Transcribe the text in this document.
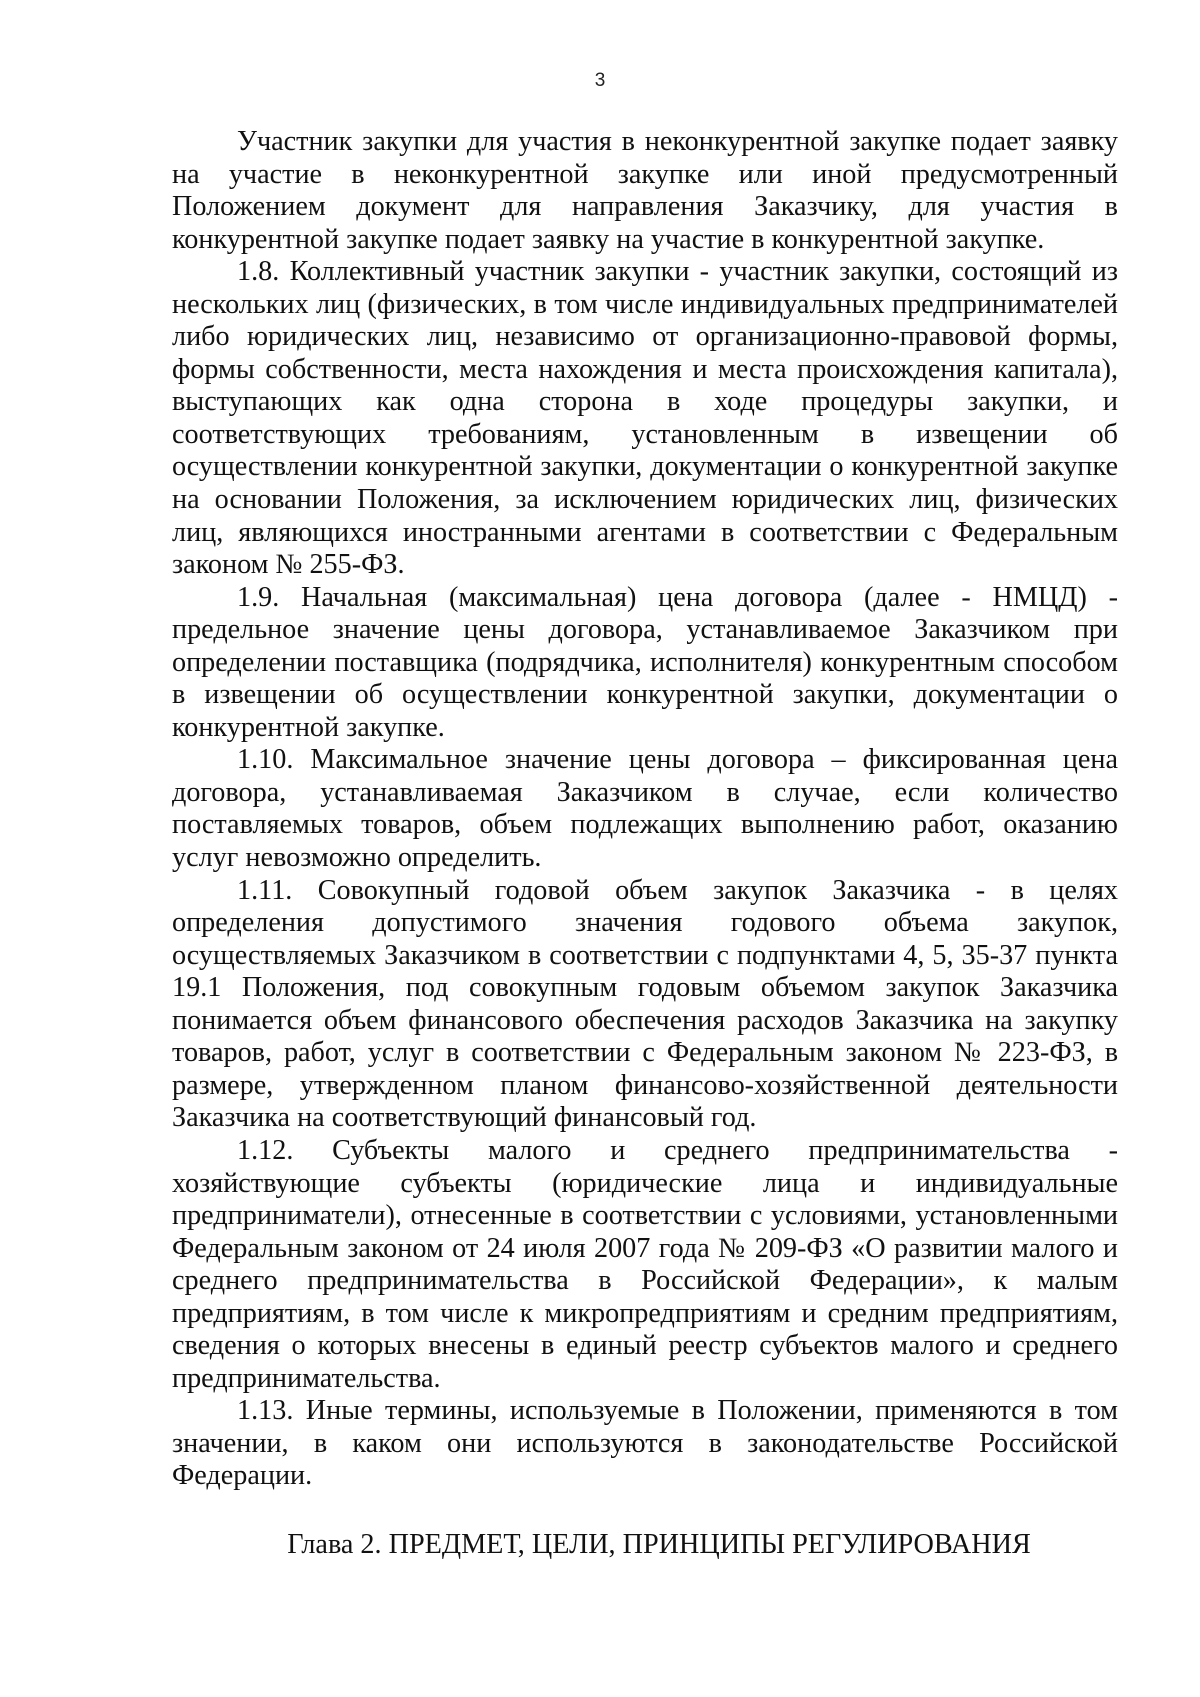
3

Участник закупки для участия в неконкурентной закупке подает заявку на участие в неконкурентной закупке или иной предусмотренный Положением документ для направления Заказчику, для участия в конкурентной закупке подает заявку на участие в конкурентной закупке.

1.8. Коллективный участник закупки - участник закупки, состоящий из нескольких лиц (физических, в том числе индивидуальных предпринимателей либо юридических лиц, независимо от организационно-правовой формы, формы собственности, места нахождения и места происхождения капитала), выступающих как одна сторона в ходе процедуры закупки, и соответствующих требованиям, установленным в извещении об осуществлении конкурентной закупки, документации о конкурентной закупке на основании Положения, за исключением юридических лиц, физических лиц, являющихся иностранными агентами в соответствии с Федеральным законом № 255-ФЗ.

1.9. Начальная (максимальная) цена договора (далее - НМЦД) - предельное значение цены договора, устанавливаемое Заказчиком при определении поставщика (подрядчика, исполнителя) конкурентным способом в извещении об осуществлении конкурентной закупки, документации о конкурентной закупке.

1.10. Максимальное значение цены договора – фиксированная цена договора, устанавливаемая Заказчиком в случае, если количество поставляемых товаров, объем подлежащих выполнению работ, оказанию услуг невозможно определить.

1.11. Совокупный годовой объем закупок Заказчика - в целях определения допустимого значения годового объема закупок, осуществляемых Заказчиком в соответствии с подпунктами 4, 5, 35-37 пункта 19.1 Положения, под совокупным годовым объемом закупок Заказчика понимается объем финансового обеспечения расходов Заказчика на закупку товаров, работ, услуг в соответствии с Федеральным законом № 223-ФЗ, в размере, утвержденном планом финансово-хозяйственной деятельности Заказчика на соответствующий финансовый год.

1.12. Субъекты малого и среднего предпринимательства - хозяйствующие субъекты (юридические лица и индивидуальные предприниматели), отнесенные в соответствии с условиями, установленными Федеральным законом от 24 июля 2007 года № 209-ФЗ «О развитии малого и среднего предпринимательства в Российской Федерации», к малым предприятиям, в том числе к микропредприятиям и средним предприятиям, сведения о которых внесены в единый реестр субъектов малого и среднего предпринимательства.

1.13. Иные термины, используемые в Положении, применяются в том значении, в каком они используются в законодательстве Российской Федерации.

Глава 2. ПРЕДМЕТ, ЦЕЛИ, ПРИНЦИПЫ РЕГУЛИРОВАНИЯ
